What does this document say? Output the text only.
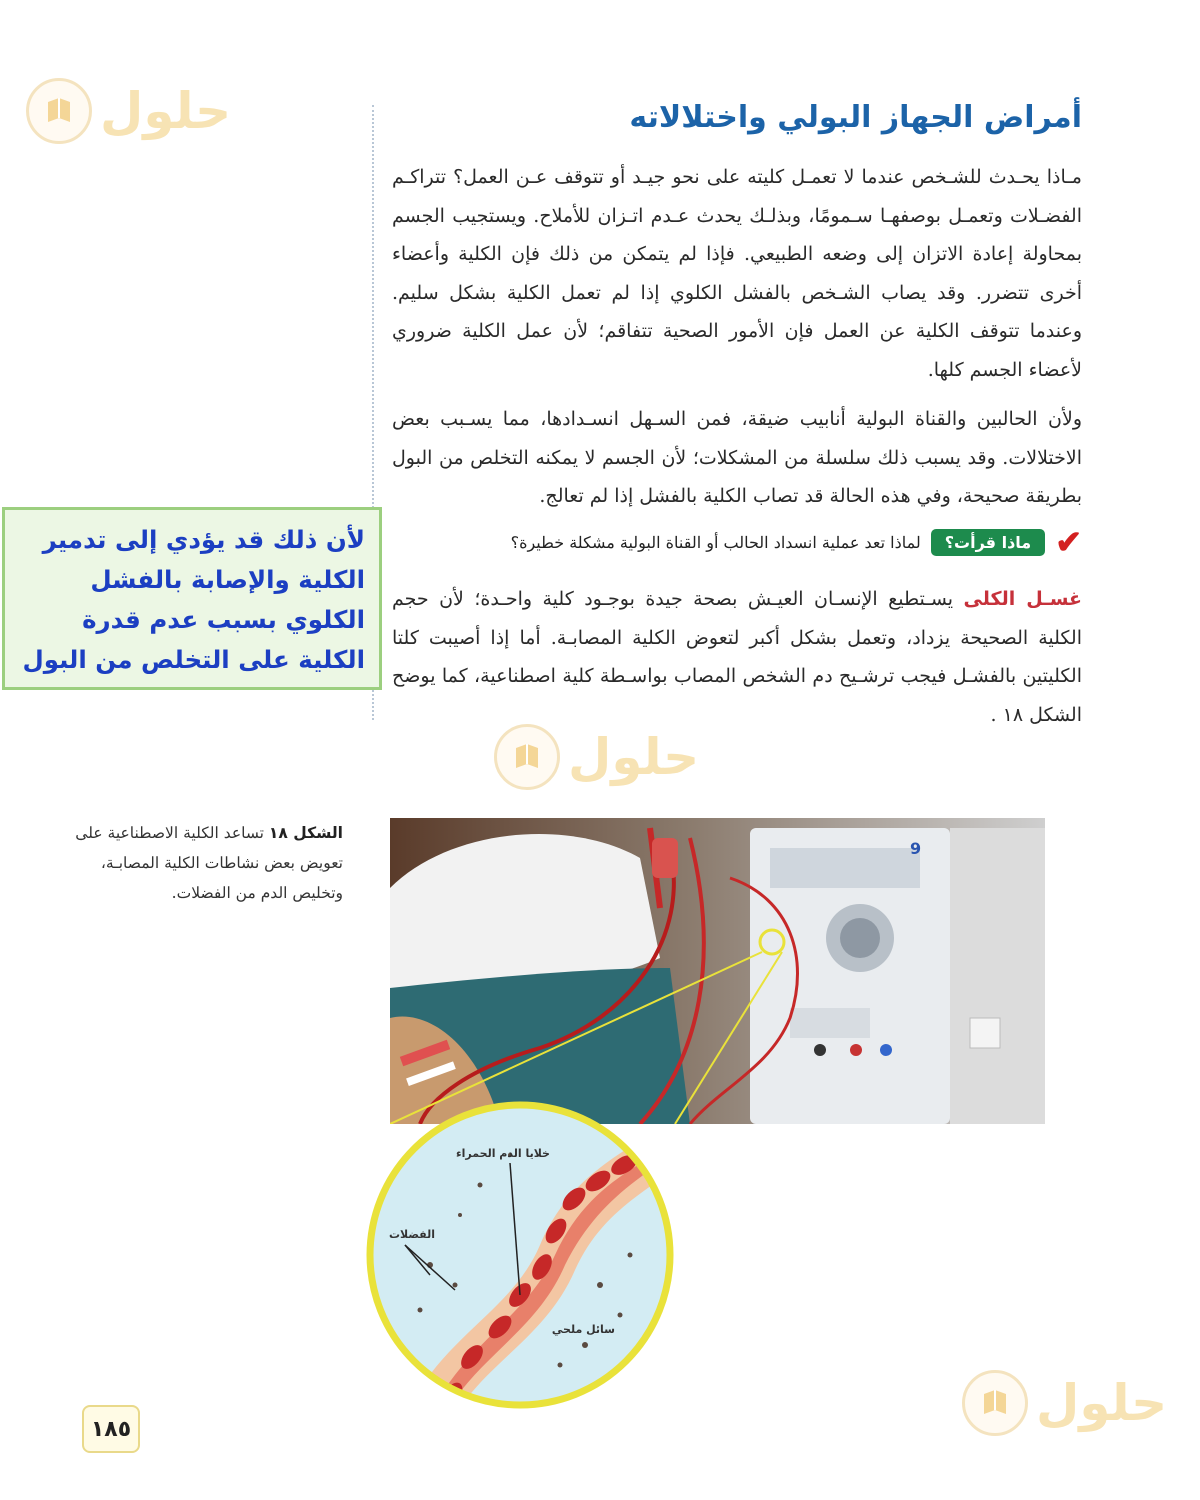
حلول
حلول
حلول
أمراض الجهاز البولي واختلالاته

مـاذا يحـدث للشـخص عندما لا تعمـل كليته على نحو جيـد أو تتوقف عـن العمل؟ تتراكـم الفضـلات وتعمـل بوصفهـا سـمومًا، وبذلـك يحدث عـدم اتـزان للأملاح. ويستجيب الجسم بمحاولة إعادة الاتزان إلى وضعه الطبيعي. فإذا لم يتمكن من ذلك فإن الكلية وأعضاء أخرى تتضرر. وقد يصاب الشـخص بالفشل الكلوي إذا لم تعمل الكلية بشكل سليم. وعندما تتوقف الكلية عن العمل فإن الأمور الصحية تتفاقم؛ لأن عمل الكلية ضروري لأعضاء الجسم كلها.

ولأن الحالبين والقناة البولية أنابيب ضيقة، فمن السـهل انسـدادها، مما يسـبب بعض الاختلالات. وقد يسبب ذلك سلسلة من المشكلات؛ لأن الجسم لا يمكنه التخلص من البول بطريقة صحيحة، وفي هذه الحالة قد تصاب الكلية بالفشل إذا لم تعالج.

✔
ماذا قرأت؟
لماذا تعد عملية انسداد الحالب أو القناة البولية مشكلة خطيرة؟

غسـل الكلى يسـتطيع الإنسـان العيـش بصحة جيدة بوجـود كلية واحـدة؛ لأن حجم الكلية الصحيحة يزداد، وتعمل بشكل أكبر لتعوض الكلية المصابـة. أما إذا أصيبت كلتا الكليتين بالفشـل فيجب ترشـيح دم الشخص المصاب بواسـطة كلية اصطناعية، كما يوضح الشكل ١٨ .

لأن ذلك قد يؤدي إلى تدمير الكلية والإصابة بالفشل الكلوي بسبب عدم قدرة الكلية على التخلص من البول

الشكل ١٨ تساعد الكلية الاصطناعية على تعويض بعض نشاطات الكلية المصابـة، وتخليص الدم من الفضلات.
9
خلايا الدم الحمراء
الفضلات
سائل ملحي
١٨٥
